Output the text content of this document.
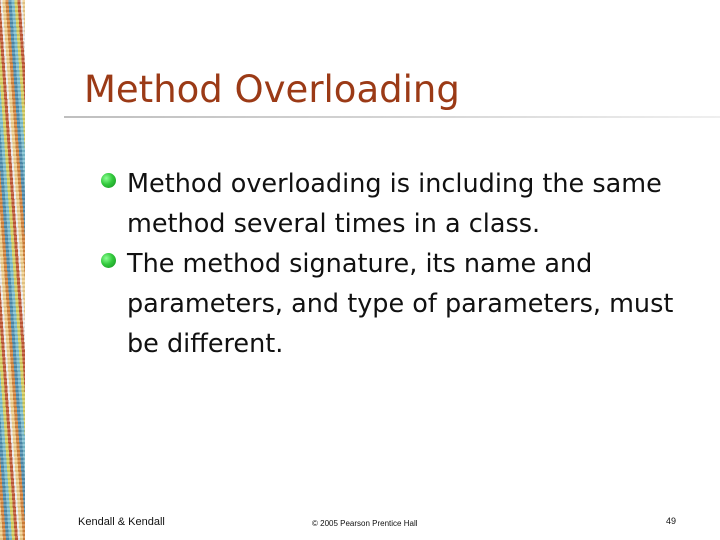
Method Overloading
Method overloading is including the same method several times in a class.
The method signature, its name and parameters, and type of parameters, must be different.
Kendall & Kendall	© 2005 Pearson Prentice Hall	49
